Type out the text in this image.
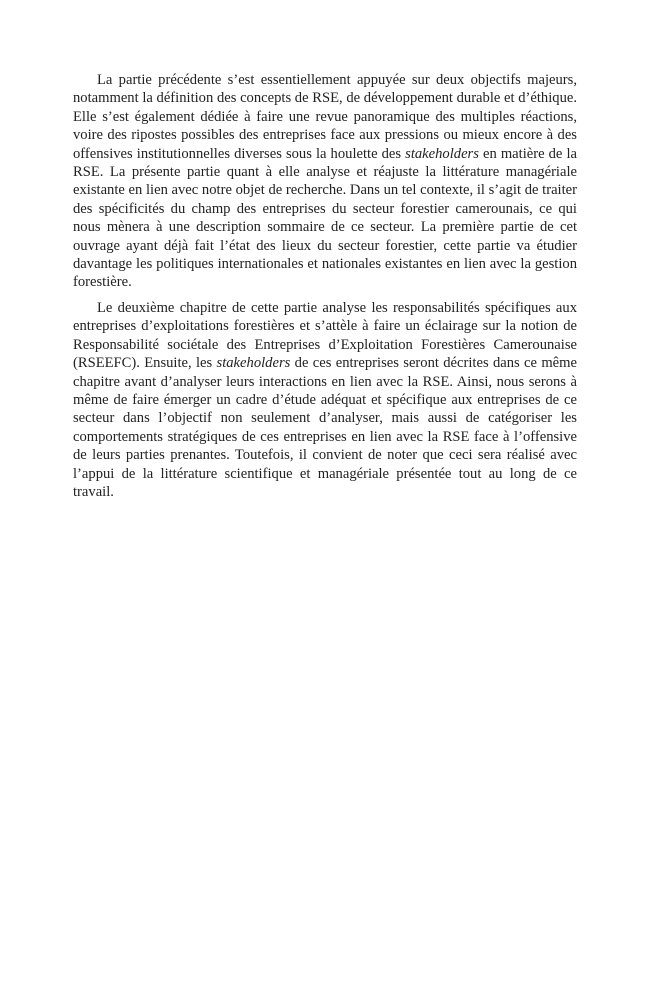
La partie précédente s’est essentiellement appuyée sur deux objectifs majeurs, notamment la définition des concepts de RSE, de développement durable et d’éthique. Elle s’est également dédiée à faire une revue panoramique des multiples réactions, voire des ripostes possibles des entreprises face aux pressions ou mieux encore à des offensives institutionnelles diverses sous la houlette des stakeholders en matière de la RSE. La présente partie quant à elle analyse et réajuste la littérature managériale existante en lien avec notre objet de recherche. Dans un tel contexte, il s’agit de traiter des spécificités du champ des entreprises du secteur forestier camerounais, ce qui nous mènera à une description sommaire de ce secteur. La première partie de cet ouvrage ayant déjà fait l’état des lieux du secteur forestier, cette partie va étudier davantage les politiques internationales et nationales existantes en lien avec la gestion forestière.

Le deuxième chapitre de cette partie analyse les responsabilités spécifiques aux entreprises d’exploitations forestières et s’attèle à faire un éclairage sur la notion de Responsabilité sociétale des Entreprises d’Exploitation Forestières Camerounaise (RSEEFC). Ensuite, les stakeholders de ces entreprises seront décrites dans ce même chapitre avant d’analyser leurs interactions en lien avec la RSE. Ainsi, nous serons à même de faire émerger un cadre d’étude adéquat et spécifique aux entreprises de ce secteur dans l’objectif non seulement d’analyser, mais aussi de catégoriser les comportements stratégiques de ces entreprises en lien avec la RSE face à l’offensive de leurs parties prenantes. Toutefois, il convient de noter que ceci sera réalisé avec l’appui de la littérature scientifique et managériale présentée tout au long de ce travail.
